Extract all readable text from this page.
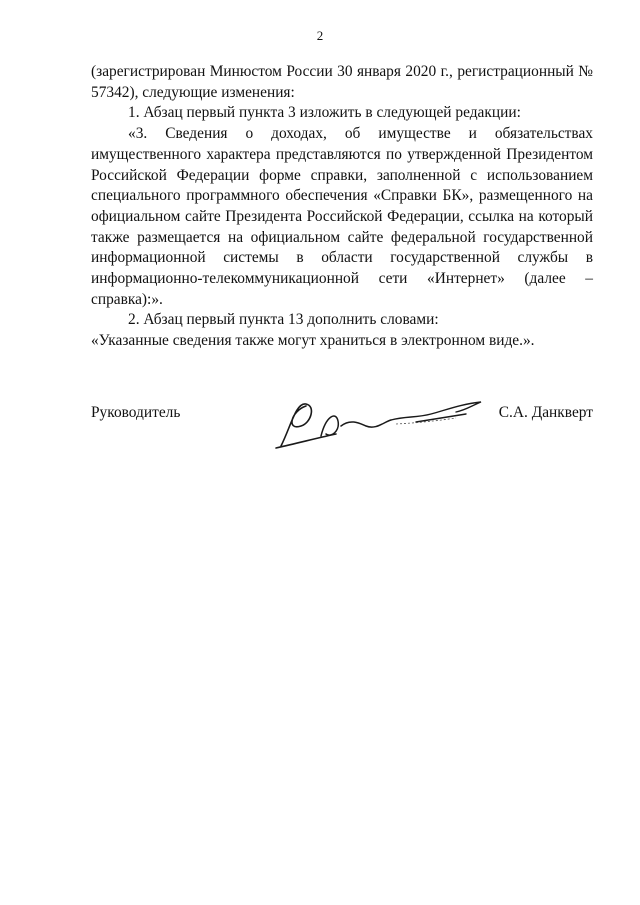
2

(зарегистрирован Минюстом России 30 января 2020 г., регистрационный № 57342), следующие изменения:

1. Абзац первый пункта 3 изложить в следующей редакции:

«3. Сведения о доходах, об имуществе и обязательствах имущественного характера представляются по утвержденной Президентом Российской Федерации форме справки, заполненной с использованием специального программного обеспечения «Справки БК», размещенного на официальном сайте Президента Российской Федерации, ссылка на который также размещается на официальном сайте федеральной государственной информационной системы в области государственной службы в информационно-телекоммуникационной сети «Интернет» (далее – справка):».

2. Абзац первый пункта 13 дополнить словами:

«Указанные сведения также могут храниться в электронном виде.».

Руководитель	С.А. Данкверт
